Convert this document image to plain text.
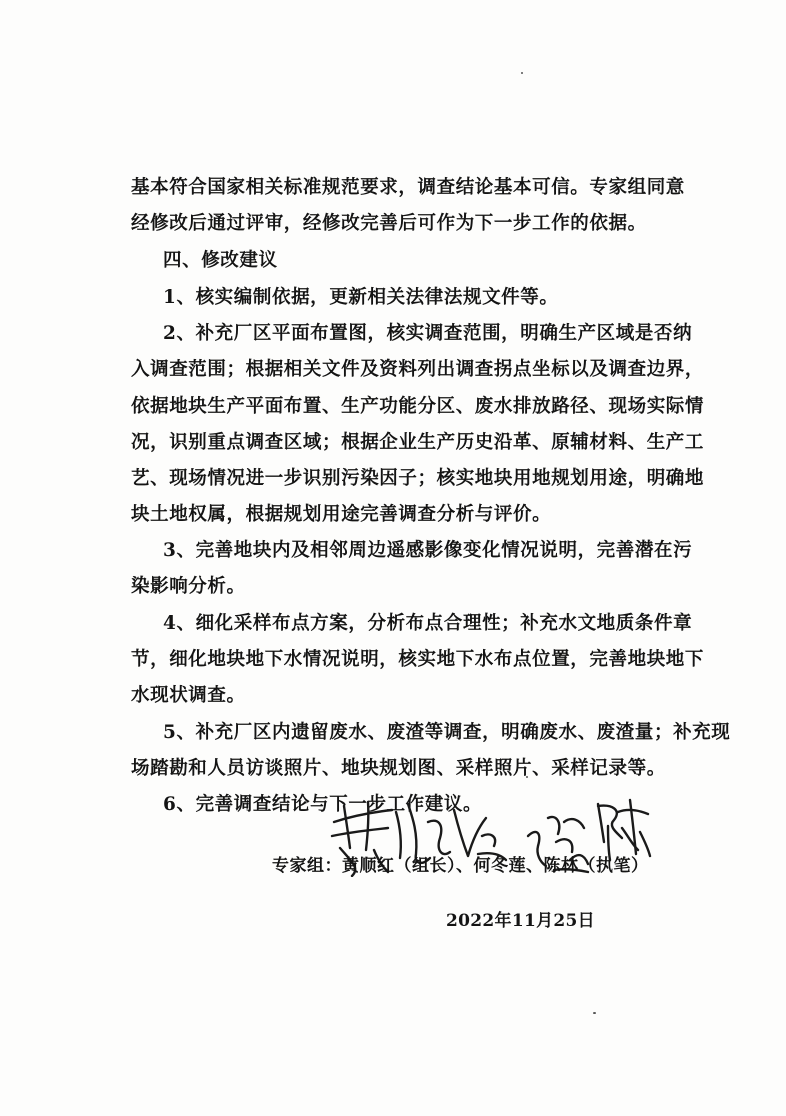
基本符合国家相关标准规范要求，调查结论基本可信。专家组同意
经修改后通过评审，经修改完善后可作为下一步工作的依据。
四、修改建议
1、核实编制依据，更新相关法律法规文件等。
2、补充厂区平面布置图，核实调查范围，明确生产区域是否纳
入调查范围；根据相关文件及资料列出调查拐点坐标以及调查边界，
依据地块生产平面布置、生产功能分区、废水排放路径、现场实际情
况，识别重点调查区域；根据企业生产历史沿革、原辅材料、生产工
艺、现场情况进一步识别污染因子；核实地块用地规划用途，明确地
块土地权属，根据规划用途完善调查分析与评价。
3、完善地块内及相邻周边遥感影像变化情况说明，完善潜在污
染影响分析。
4、细化采样布点方案，分析布点合理性；补充水文地质条件章
节，细化地块地下水情况说明，核实地下水布点位置，完善地块地下
水现状调查。
5、补充厂区内遗留废水、废渣等调查，明确废水、废渣量；补充现
场踏勘和人员访谈照片、地块规划图、采样照片、采样记录等。
6、完善调查结论与下一步工作建议。
专家组：黄顺红（组长）、何冬莲、陈林（执笔）
2022年11月25日
